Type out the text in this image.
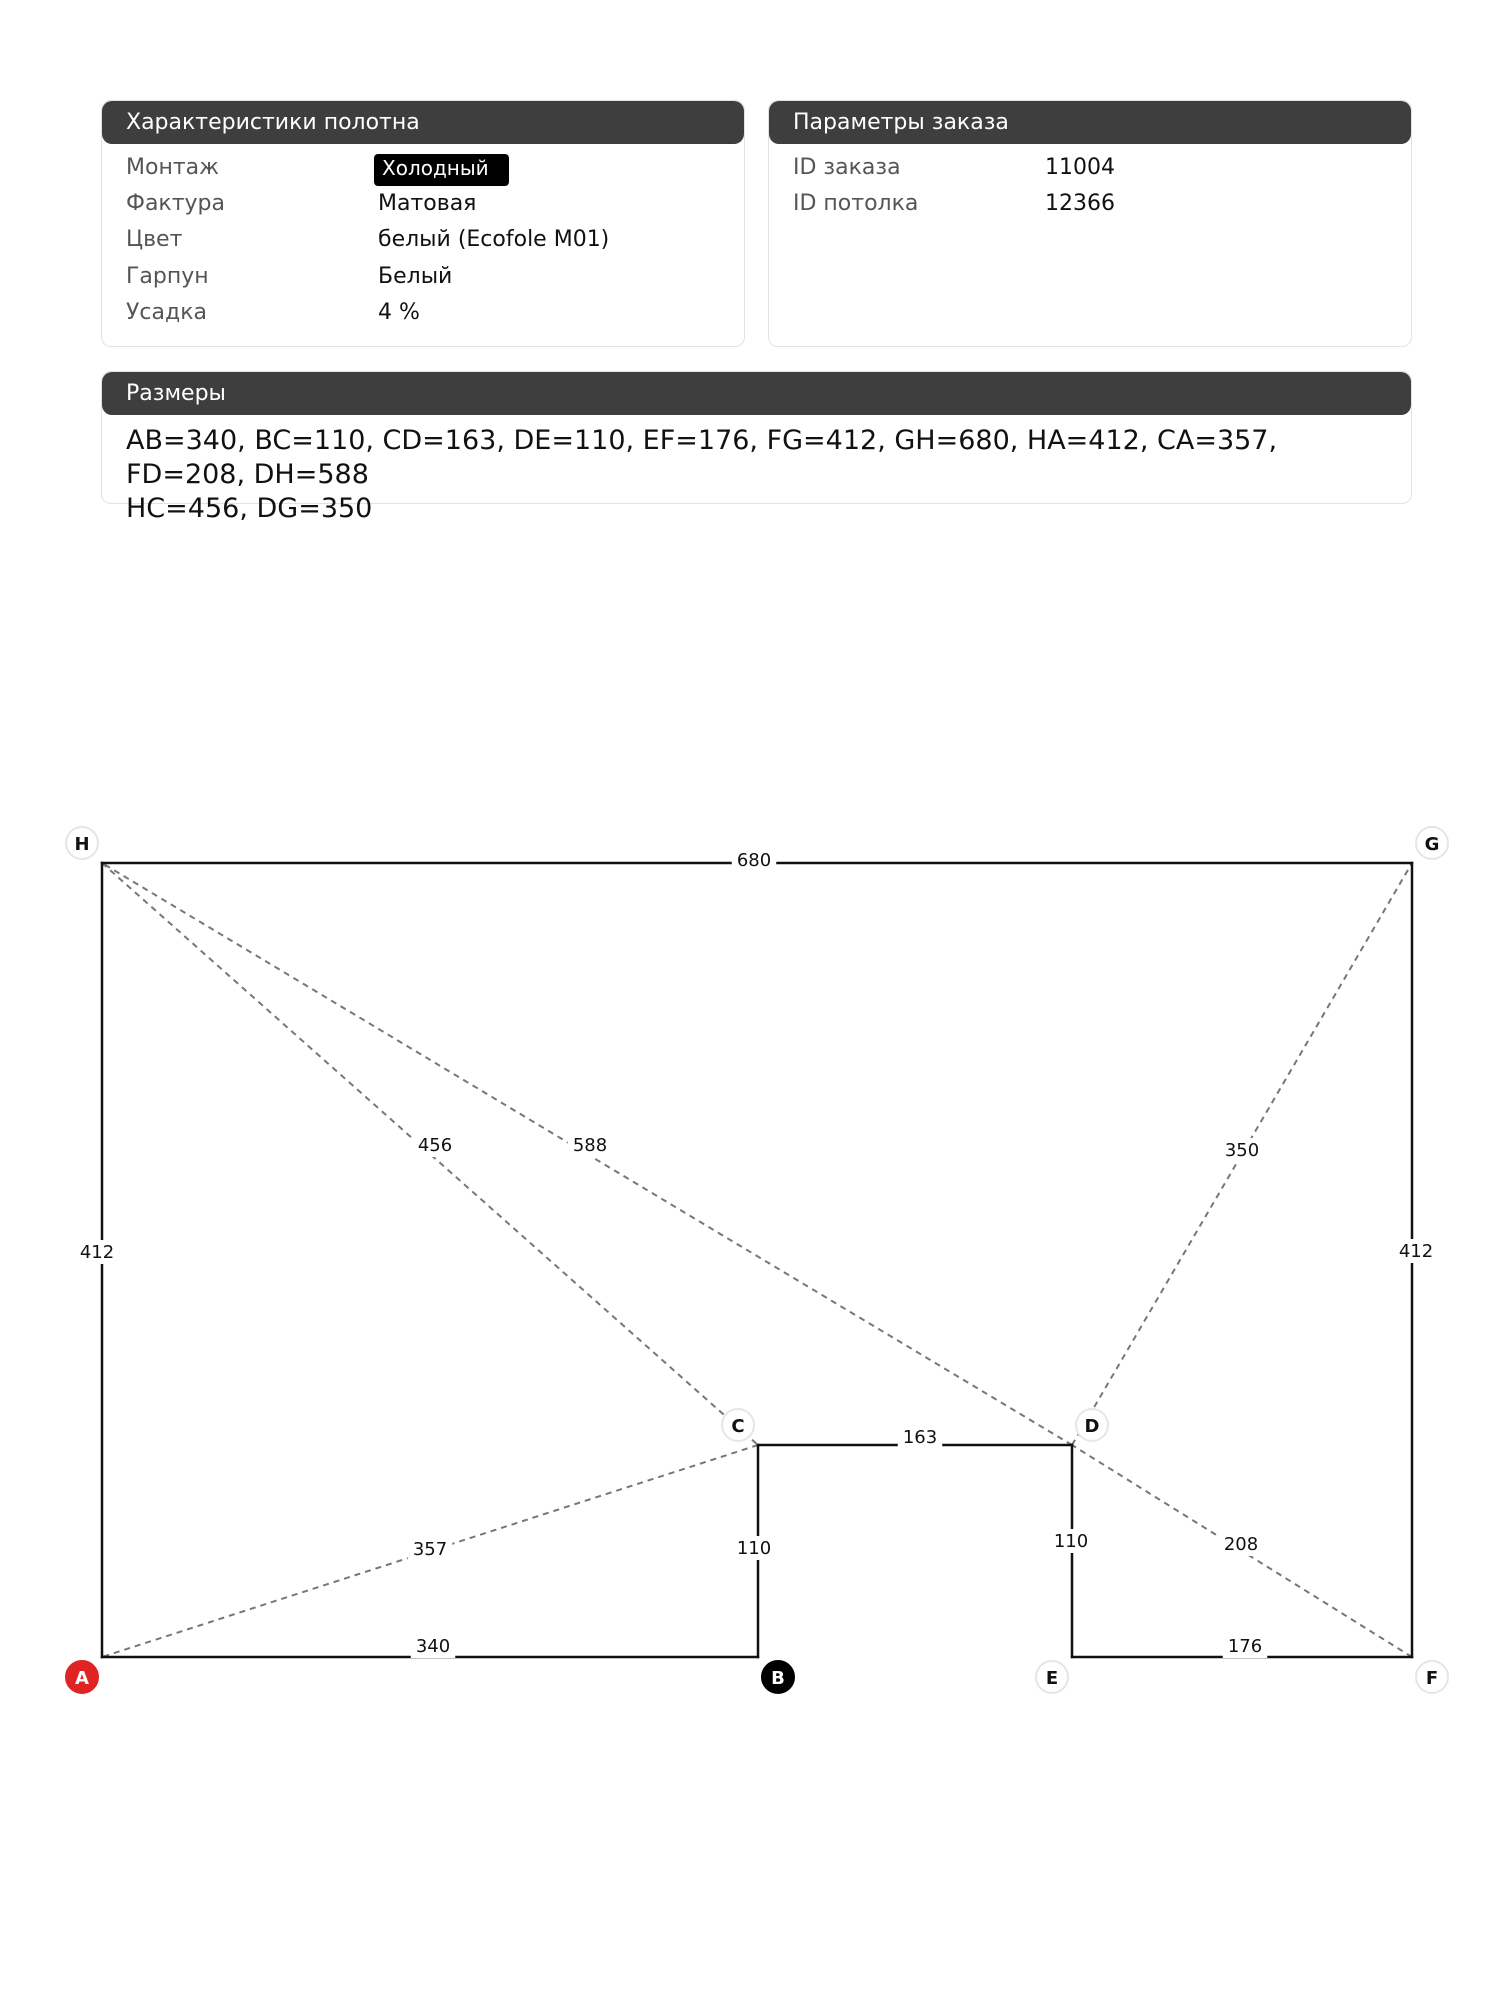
Характеристики полотна
Монтаж	Холодный
Фактура	Матовая
Цвет	белый (Ecofole M01)
Гарпун	Белый
Усадка	4 %
Параметры заказа
ID заказа	11004
ID потолка	12366
Размеры
AB=340, BC=110, CD=163, DE=110, EF=176, FG=412, GH=680, HA=412, CA=357, FD=208, DH=588
HC=456, DG=350
357	208
588
456	350
340
110
163
110
176
412
680
412
A	B
C	D
E	F
G
H
